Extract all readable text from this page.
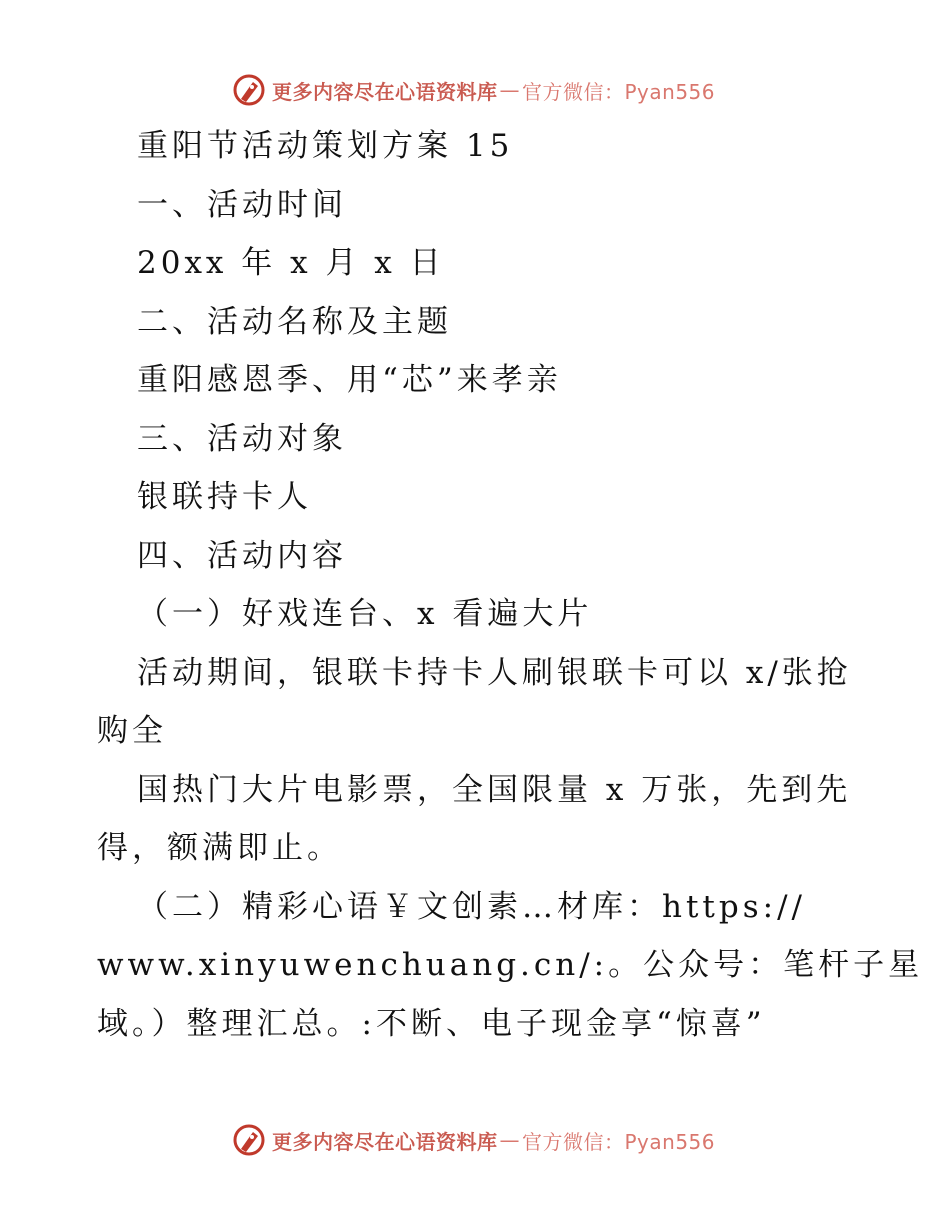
更多内容尽在心语资料库 — 官方微信：Pyan556
重阳节活动策划方案 15
一、活动时间
20xx 年 x 月 x 日
二、活动名称及主题
重阳感恩季、用“芯”来孝亲
三、活动对象
银联持卡人
四、活动内容
（一）好戏连台、x 看遍大片
活动期间，银联卡持卡人刷银联卡可以 x/张抢
购全
国热门大片电影票，全国限量 x 万张，先到先
得，额满即止。
（二）精彩心语￥文创素…材库：https://
www.xinyuwenchuang.cn/:。公众号：笔杆子星
域。）整理汇总。:不断、电子现金享“惊喜”
更多内容尽在心语资料库 — 官方微信：Pyan556
